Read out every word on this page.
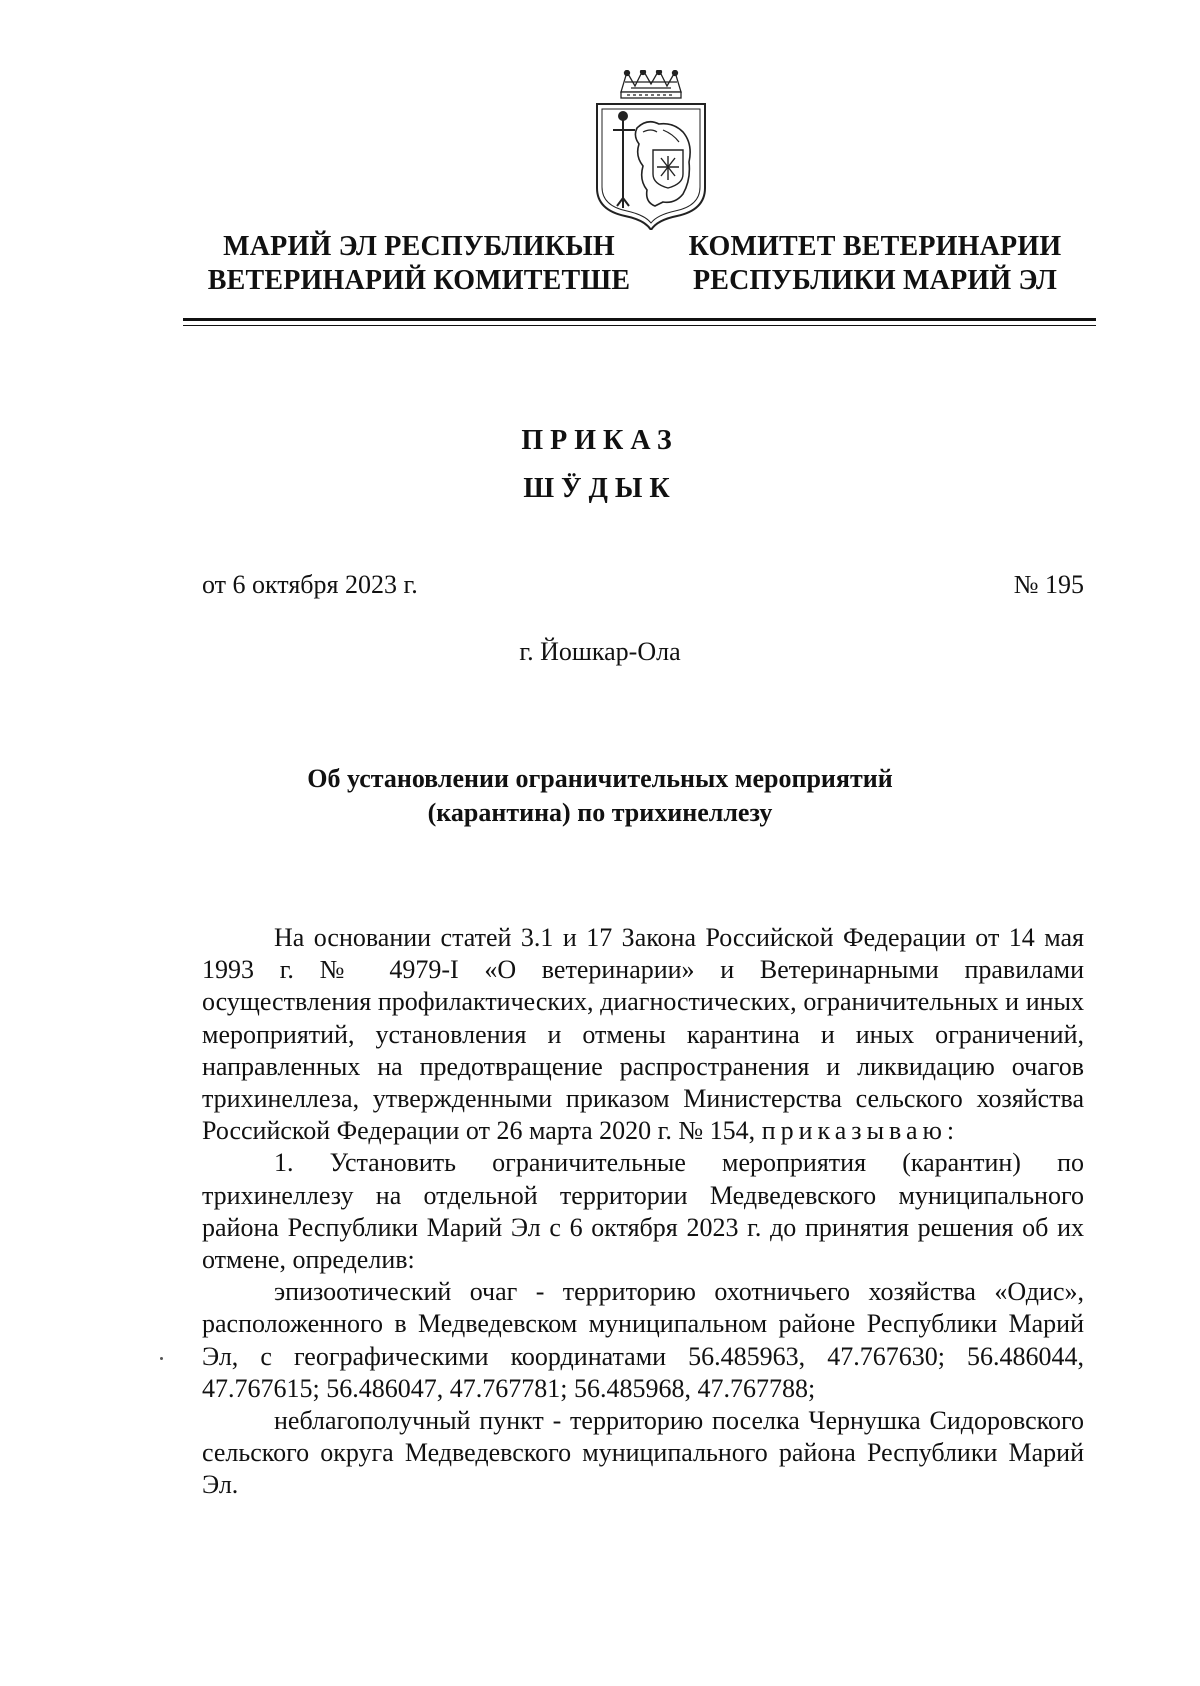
МАРИЙ ЭЛ РЕСПУБЛИКЫН
ВЕТЕРИНАРИЙ КОМИТЕТШЕ
КОМИТЕТ ВЕТЕРИНАРИИ
РЕСПУБЛИКИ МАРИЙ ЭЛ
ПРИКАЗ
ШӰДЫК
от 6 октября 2023 г.	№ 195
г. Йошкар-Ола
Об установлении ограничительных мероприятий
(карантина) по трихинеллезу

На основании статей 3.1 и 17 Закона Российской Федерации от 14 мая 1993 г. № 4979-I «О ветеринарии» и Ветеринарными правилами осуществления профилактических, диагностических, ограничительных и иных мероприятий, установления и отмены карантина и иных ограничений, направленных на предотвращение распространения и ликвидацию очагов трихинеллеза, утвержденными приказом Министерства сельского хозяйства Российской Федерации от 26 марта 2020 г. № 154, приказываю:

1. Установить ограничительные мероприятия (карантин) по трихинеллезу на отдельной территории Медведевского муниципального района Республики Марий Эл с 6 октября 2023 г. до принятия решения об их отмене, определив:

эпизоотический очаг - территорию охотничьего хозяйства «Одис», расположенного в Медведевском муниципальном районе Республики Марий Эл, с географическими координатами 56.485963, 47.767630; 56.486044, 47.767615; 56.486047, 47.767781; 56.485968, 47.767788;

неблагополучный пункт - территорию поселка Чернушка Сидоровского сельского округа Медведевского муниципального района Республики Марий Эл.
